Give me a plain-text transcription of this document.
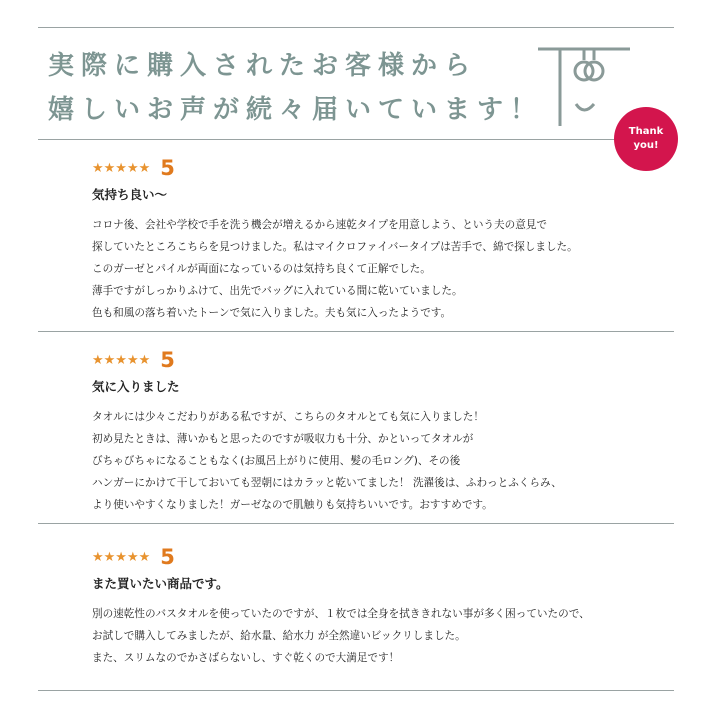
実際に購入されたお客様から
嬉しいお声が続々届いています！
Thank
you!
★★★★★ 5
気持ち良い〜
コロナ後、会社や学校で手を洗う機会が増えるから速乾タイプを用意しよう、という夫の意見で
探していたところこちらを見つけました。私はマイクロファイバータイプは苦手で、綿で探しました。
このガーゼとパイルが両面になっているのは気持ち良くて正解でした。
薄手ですがしっかりふけて、出先でバッグに入れている間に乾いていました。
色も和風の落ち着いたトーンで気に入りました。夫も気に入ったようです。
★★★★★ 5
気に入りました
タオルには少々こだわりがある私ですが、こちらのタオルとても気に入りました！
初め見たときは、薄いかもと思ったのですが吸収力も十分、かといってタオルが
びちゃびちゃになることもなく(お風呂上がりに使用、髪の毛ロング)、その後
ハンガーにかけて干しておいても翌朝にはカラッと乾いてました！ 洗濯後は、ふわっとふくらみ、
より使いやすくなりました！ガーゼなので肌触りも気持ちいいです。おすすめです。
★★★★★ 5
また買いたい商品です。
別の速乾性のバスタオルを使っていたのですが、１枚では全身を拭ききれない事が多く困っていたので、
お試しで購入してみましたが、給水量、給水力 が全然違いビックリしました。
また、スリムなのでかさばらないし、すぐ乾くので大満足です！
